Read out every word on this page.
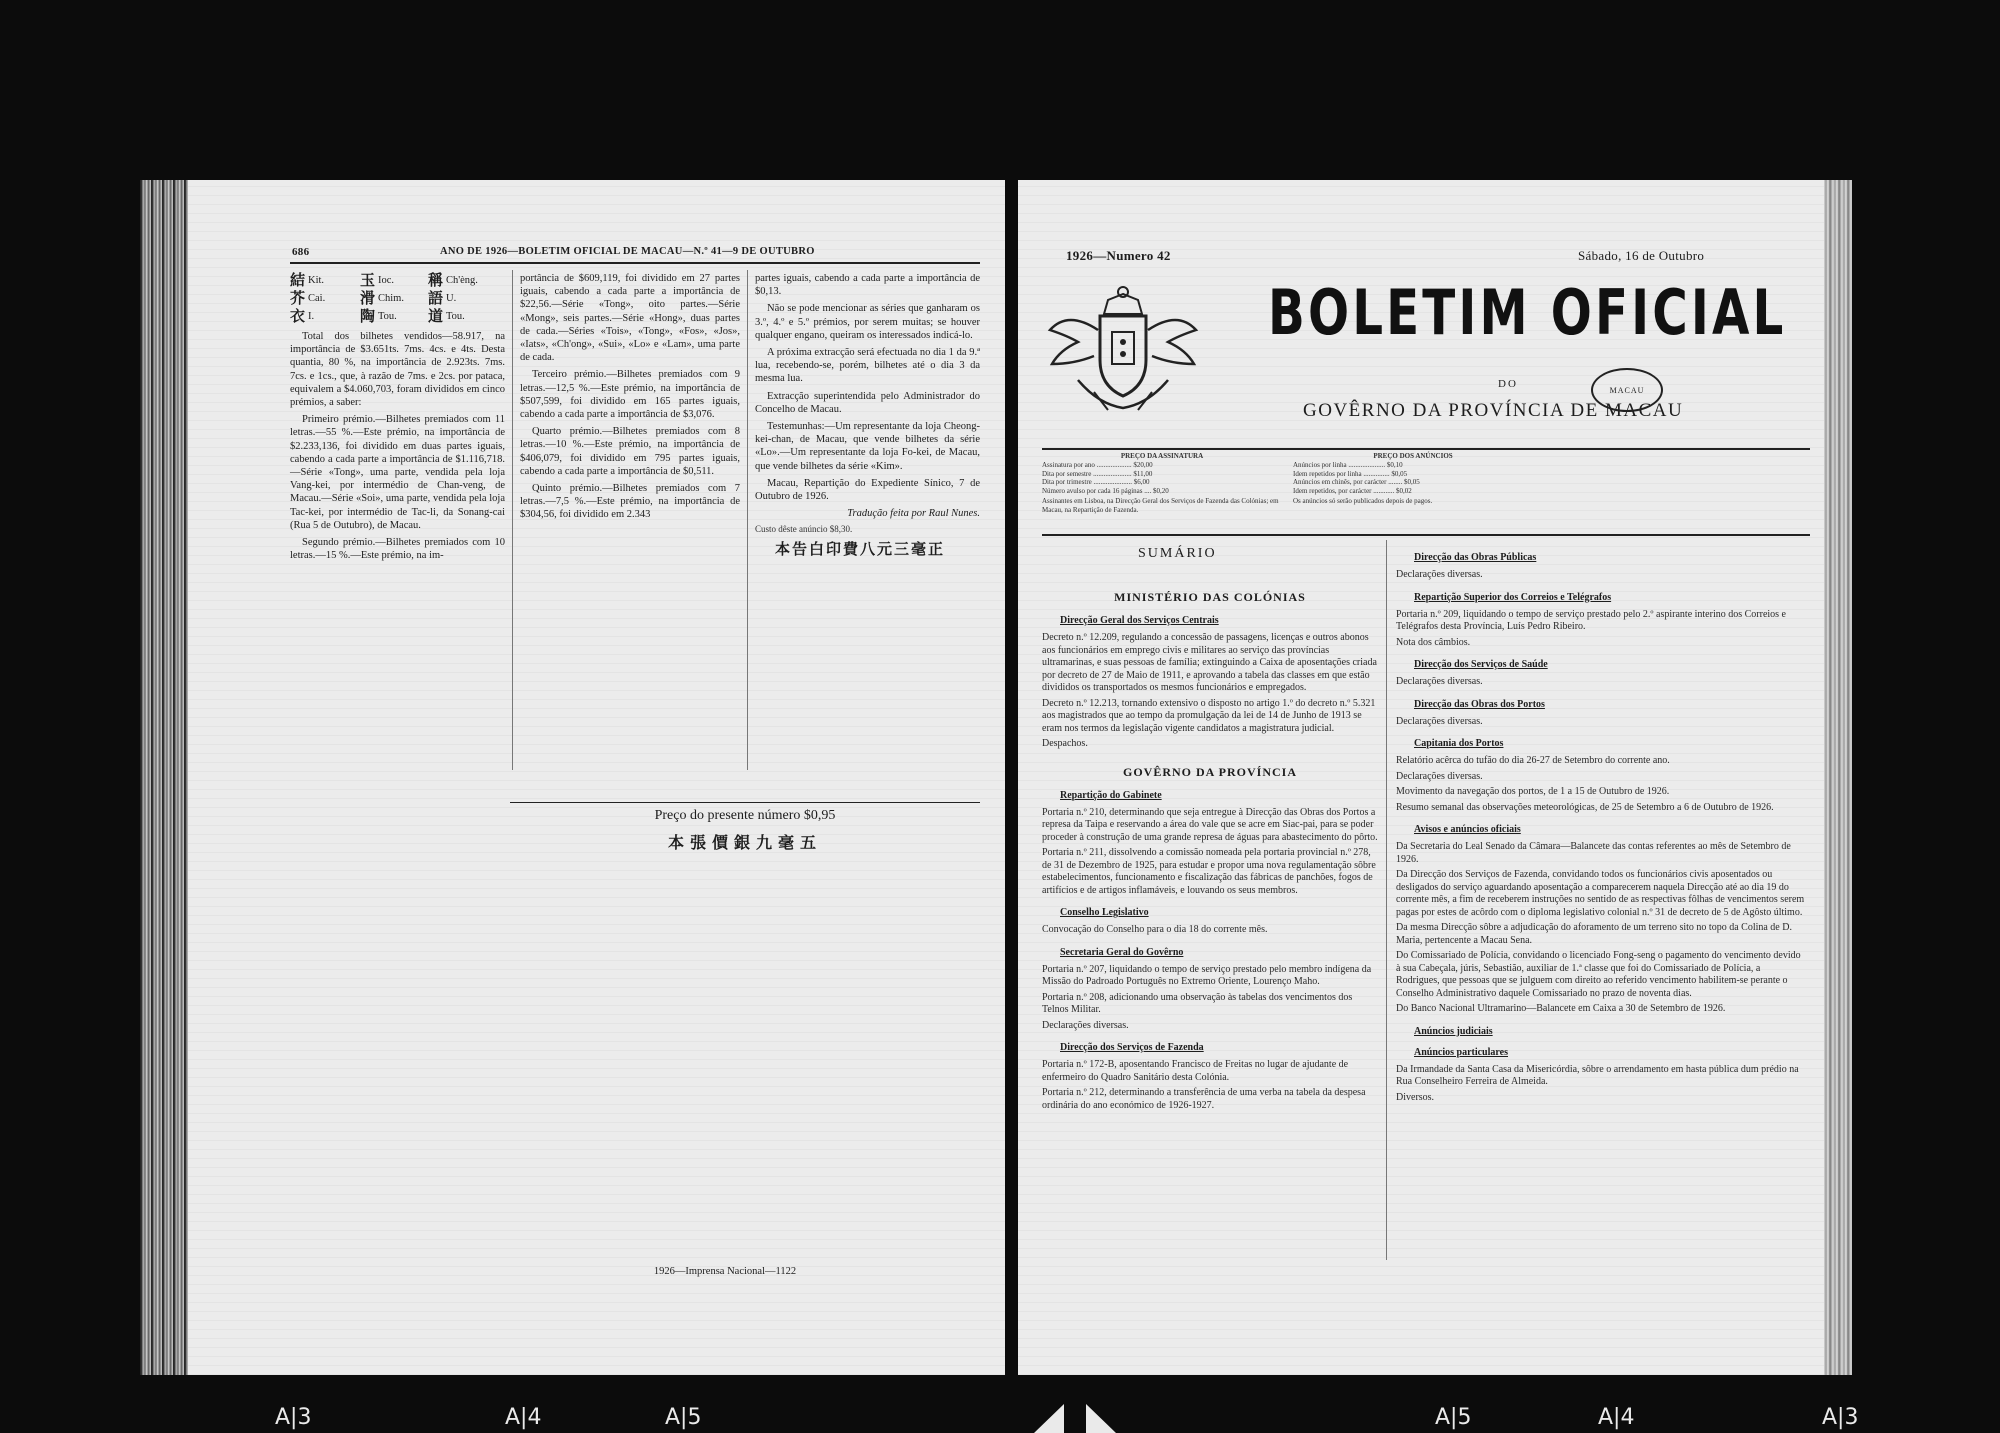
686	ANO DE 1926—BOLETIM OFICIAL DE MACAU—N.º 41—9 DE OUTUBRO
結 Kit.	玉 Ioc.	稱 Ch'èng.
芥 Cai.	滑 Chim.	語 U.
衣 I.	陶 Tou.	道 Tou.

Total dos bilhetes vendidos—58.917, na importância de $3.651ts. 7ms. 4cs. e 4ts. Desta quantia, 80 %, na importância de 2.923ts. 7ms. 7cs. e 1cs., que, à razão de 7ms. e 2cs. por pataca, equivalem a $4.060,703, foram divididos em cinco prémios, a saber:

Primeiro prémio.—Bilhetes premiados com 11 letras.—55 %.—Este prémio, na importância de $2.233,136, foi dividido em duas partes iguais, cabendo a cada parte a importância de $1.116,718.—Série «Tong», uma parte, vendida pela loja Vang-kei, por intermédio de Chan-veng, de Macau.—Série «Soi», uma parte, vendida pela loja Tac-kei, por intermédio de Tac-li, da Sonang-cai (Rua 5 de Outubro), de Macau.

Segundo prémio.—Bilhetes premiados com 10 letras.—15 %.—Este prémio, na im-

portância de $609,119, foi dividido em 27 partes iguais, cabendo a cada parte a importância de $22,56.—Série «Tong», oito partes.—Série «Mong», seis partes.—Série «Hong», duas partes de cada.—Séries «Tois», «Tong», «Fos», «Jos», «Iats», «Ch'ong», «Sui», «Lo» e «Lam», uma parte de cada.

Terceiro prémio.—Bilhetes premiados com 9 letras.—12,5 %.—Este prémio, na importância de $507,599, foi dividido em 165 partes iguais, cabendo a cada parte a importância de $3,076.

Quarto prémio.—Bilhetes premiados com 8 letras.—10 %.—Este prémio, na importância de $406,079, foi dividido em 795 partes iguais, cabendo a cada parte a importância de $0,511.

Quinto prémio.—Bilhetes premiados com 7 letras.—7,5 %.—Este prémio, na importância de $304,56, foi dividido em 2.343

partes iguais, cabendo a cada parte a importância de $0,13.

Não se pode mencionar as séries que ganharam os 3.º, 4.º e 5.º prémios, por serem muitas; se houver qualquer engano, queiram os interessados indicá-lo.

A próxima extracção será efectuada no dia 1 da 9.ª lua, recebendo-se, porém, bilhetes até o dia 3 da mesma lua.

Extracção superintendida pelo Administrador do Concelho de Macau.

Testemunhas:—Um representante da loja Cheong-kei-chan, de Macau, que vende bilhetes da série «Lo».—Um representante da loja Fo-kei, de Macau, que vende bilhetes da série «Kim».

Macau, Repartição do Expediente Sínico, 7 de Outubro de 1926.

Tradução feita por Raul Nunes.

Custo dêste anúncio $8,30.
本告白印費八元三毫正
Preço do presente número $0,95
本張價銀九毫五
1926—Imprensa Nacional—1122
1926—Numero 42	Sábado, 16 de Outubro
BOLETIM OFICIAL
DO
GOVÊRNO DA PROVÍNCIA DE MACAU
MACAU
PREÇO DA ASSINATURA
Assinatura por ano .................... $20,00
Dita por semestre ...................... $11,00
Dita por trimestre ...................... $6,00
Número avulso por cada 16 páginas .... $0,20
Assinantes em Lisboa, na Direcção Geral dos Serviços de Fazenda das Colónias; em Macau, na Repartição de Fazenda.
PREÇO DOS ANÚNCIOS
Anúncios por linha ..................... $0,10
Idem repetidos por linha ............... $0,05
Anúncios em chinês, por carácter ........ $0,05
Idem repetidos, por carácter ............ $0,02
Os anúncios só serão publicados depois de pagos.
SUMÁRIO
MINISTÉRIO DAS COLÓNIAS
Direcção Geral dos Serviços Centrais
Decreto n.º 12.209, regulando a concessão de passagens, licenças e outros abonos aos funcionários em emprego civis e militares ao serviço das províncias ultramarinas, e suas pessoas de família; extinguindo a Caixa de aposentações criada por decreto de 27 de Maio de 1911, e aprovando a tabela das classes em que estão divididos os transportados os mesmos funcionários e empregados.
Decreto n.º 12.213, tornando extensivo o disposto no artigo 1.º do decreto n.º 5.321 aos magistrados que ao tempo da promulgação da lei de 14 de Junho de 1913 se eram nos termos da legislação vigente candidatos a magistratura judicial.
Despachos.
GOVÊRNO DA PROVÍNCIA
Repartição do Gabinete
Portaria n.º 210, determinando que seja entregue à Direcção das Obras dos Portos a represa da Taipa e reservando a área do vale que se acre em Siac-pai, para se poder proceder à construção de uma grande represa de águas para abastecimento do pôrto.
Portaria n.º 211, dissolvendo a comissão nomeada pela portaria provincial n.º 278, de 31 de Dezembro de 1925, para estudar e propor uma nova regulamentação sôbre estabelecimentos, funcionamento e fiscalização das fábricas de panchões, fogos de artifícios e de artigos inflamáveis, e louvando os seus membros.
Conselho Legislativo
Convocação do Conselho para o dia 18 do corrente mês.
Secretaria Geral do Govêrno
Portaria n.º 207, liquidando o tempo de serviço prestado pelo membro indígena da Missão do Padroado Português no Extremo Oriente, Lourenço Maho.
Portaria n.º 208, adicionando uma observação às tabelas dos vencimentos dos Telnos Militar.
Declarações diversas.
Direcção dos Serviços de Fazenda
Portaria n.º 172-B, aposentando Francisco de Freitas no lugar de ajudante de enfermeiro do Quadro Sanitário desta Colónia.
Portaria n.º 212, determinando a transferência de uma verba na tabela da despesa ordinária do ano económico de 1926-1927.
Direcção das Obras Públicas
Declarações diversas.
Repartição Superior dos Correios e Telégrafos
Portaria n.º 209, liquidando o tempo de serviço prestado pelo 2.º aspirante interino dos Correios e Telégrafos desta Província, Luís Pedro Ribeiro.
Nota dos câmbios.
Direcção dos Serviços de Saúde
Declarações diversas.
Direcção das Obras dos Portos
Declarações diversas.
Capitania dos Portos
Relatório acêrca do tufão do dia 26-27 de Setembro do corrente ano.
Declarações diversas.
Movimento da navegação dos portos, de 1 a 15 de Outubro de 1926.
Resumo semanal das observações meteorológicas, de 25 de Setembro a 6 de Outubro de 1926.
Avisos e anúncios oficiais
Da Secretaria do Leal Senado da Câmara—Balancete das contas referentes ao mês de Setembro de 1926.
Da Direcção dos Serviços de Fazenda, convidando todos os funcionários civis aposentados ou desligados do serviço aguardando aposentação a comparecerem naquela Direcção até ao dia 19 do corrente mês, a fim de receberem instruções no sentido de as respectivas fôlhas de vencimentos serem pagas por estes de acôrdo com o diploma legislativo colonial n.º 31 de decreto de 5 de Agôsto último.
Da mesma Direcção sôbre a adjudicação do aforamento de um terreno sito no topo da Colina de D. Maria, pertencente a Macau Sena.
Do Comissariado de Polícia, convidando o licenciado Fong-seng o pagamento do vencimento devido à sua Cabeçala, júris, Sebastião, auxiliar de 1.ª classe que foi do Comissariado de Polícia, a Rodrigues, que pessoas que se julguem com direito ao referido vencimento habilitem-se perante o Conselho Administrativo daquele Comissariado no prazo de noventa dias.
Do Banco Nacional Ultramarino—Balancete em Caixa a 30 de Setembro de 1926.
Anúncios judiciais
Anúncios particulares
Da Irmandade da Santa Casa da Misericórdia, sôbre o arrendamento em hasta pública dum prédio na Rua Conselheiro Ferreira de Almeida.
Diversos.
A|3	A|4	A|5	A|5	A|4	A|3
